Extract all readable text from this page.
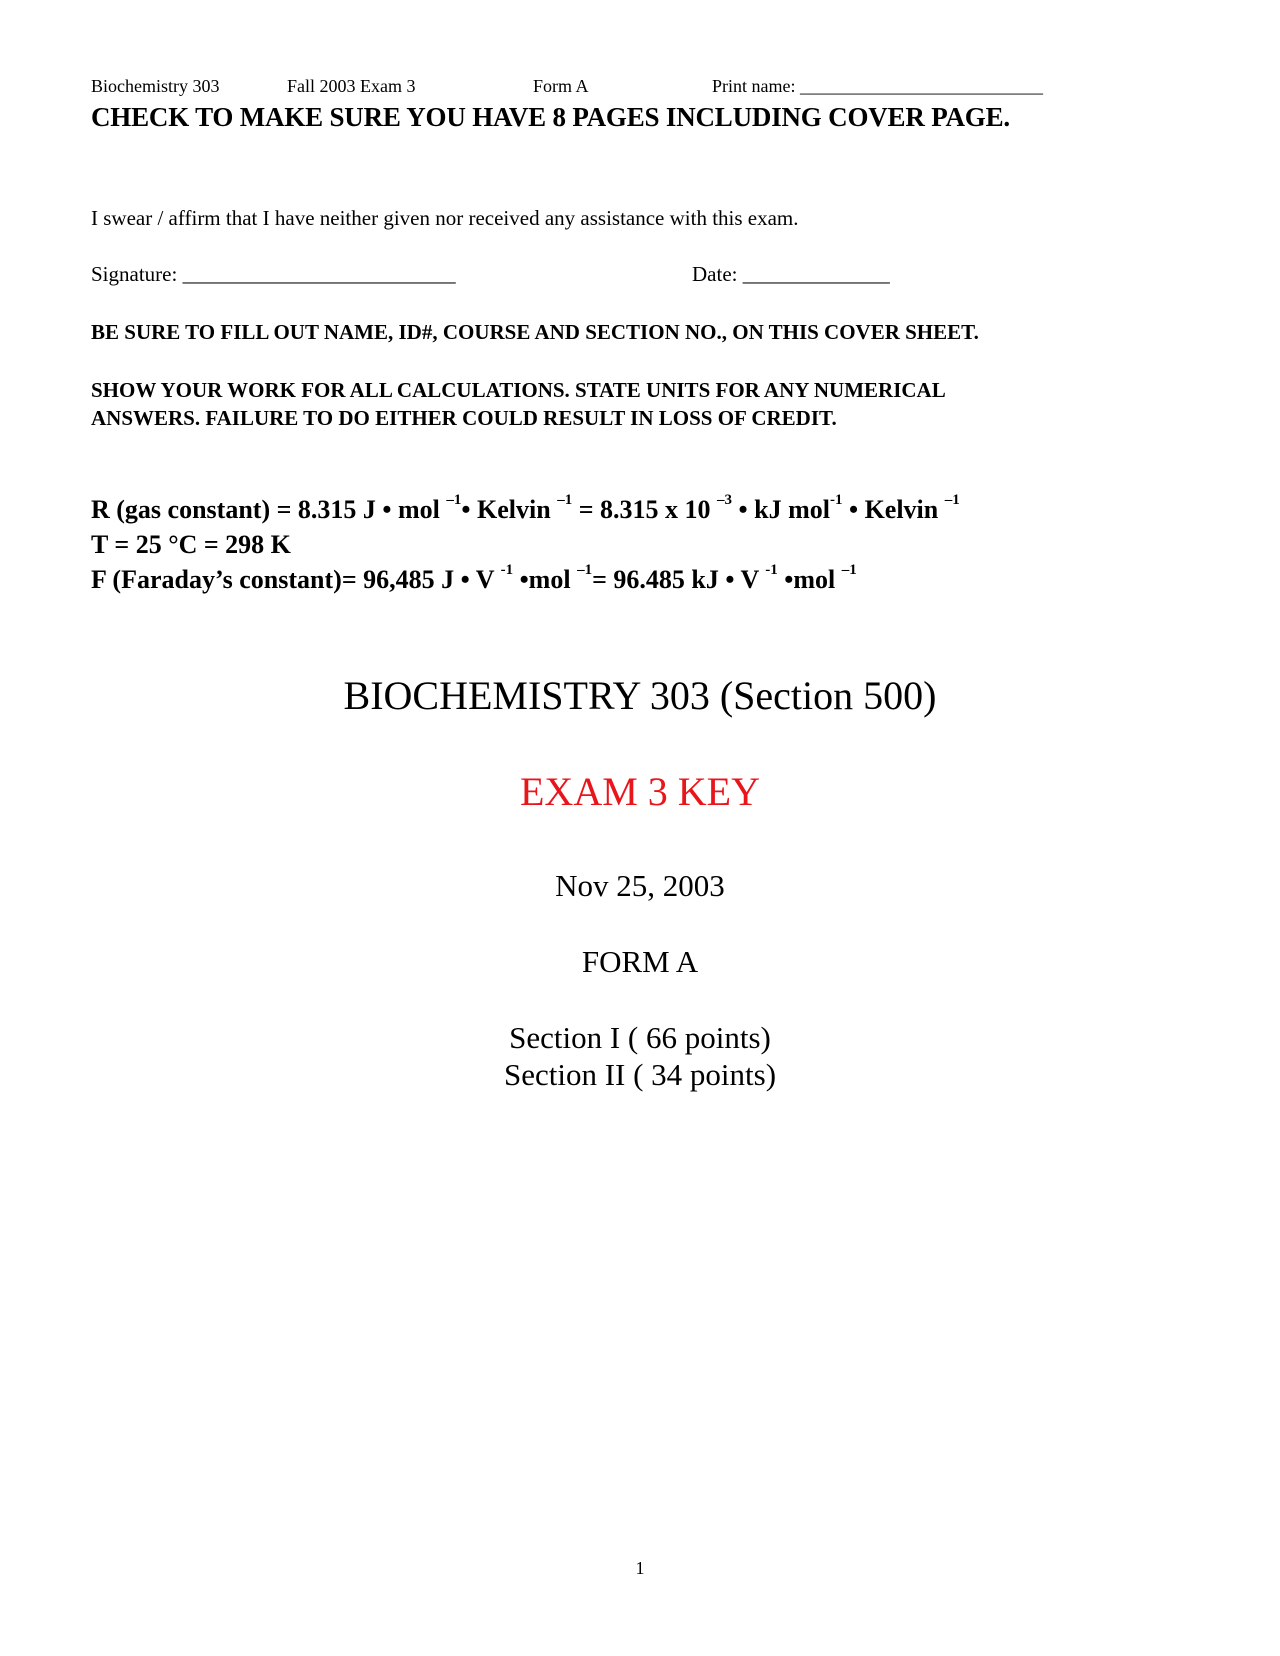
Biochemistry 303	Fall 2003 Exam 3	Form A	Print name: ___________________________
CHECK TO MAKE SURE YOU HAVE 8 PAGES INCLUDING COVER PAGE.
I swear / affirm that I have neither given nor received any assistance with this exam.
Signature: __________________________	Date: ______________
BE SURE TO FILL OUT NAME, ID#, COURSE AND SECTION NO., ON THIS COVER SHEET.
SHOW YOUR WORK FOR ALL CALCULATIONS. STATE UNITS FOR ANY NUMERICAL
ANSWERS. FAILURE TO DO EITHER COULD RESULT IN LOSS OF CREDIT.
R (gas constant) = 8.315 J • mol $^{-1}$• Kelvin $^{-1}$ = 8.315 x 10 $^{-3}$ • kJ mol$^{-1}$ • Kelvin $^{-1}$
T = 25 °C = 298 K
F (Faraday’s constant)= 96,485 J • V $^{-1}$ •mol $^{-1}$= 96.485 kJ • V $^{-1}$ •mol $^{-1}$
BIOCHEMISTRY 303 (Section 500)
EXAM 3 KEY
Nov 25, 2003
FORM A
Section I ( 66 points)
Section II ( 34 points)
1
